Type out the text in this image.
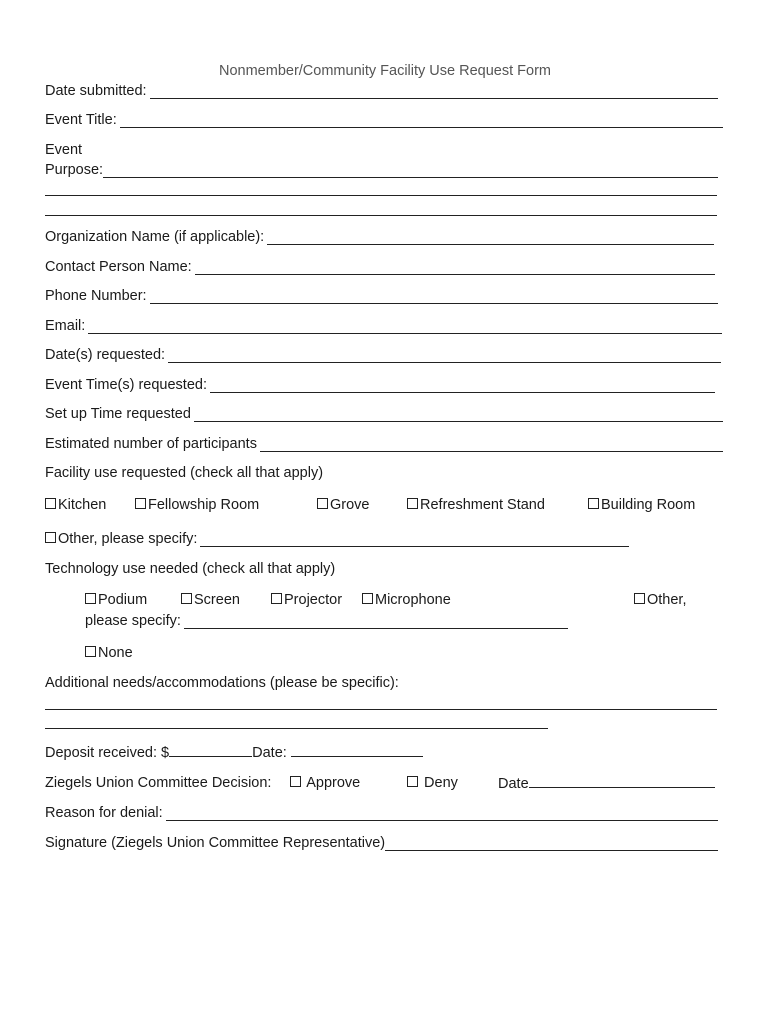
Nonmember/Community Facility Use Request Form
Date submitted:
Event Title:
Event
Purpose:
Organization Name (if applicable):
Contact Person Name:
Phone Number:
Email:
Date(s) requested:
Event Time(s) requested:
Set up Time requested
Estimated number of participants
Facility use requested (check all that apply)
Kitchen	Fellowship Room	Grove	Refreshment Stand	Building Room
Other, please specify:
Technology use needed (check all that apply)
Podium	Screen	Projector	Microphone	Other,
please specify:
None
Additional needs/accommodations (please be specific):
Deposit received: $	Date:
Ziegels Union Committee Decision:	Approve	Deny	Date
Reason for denial:
Signature (Ziegels Union Committee Representative)
